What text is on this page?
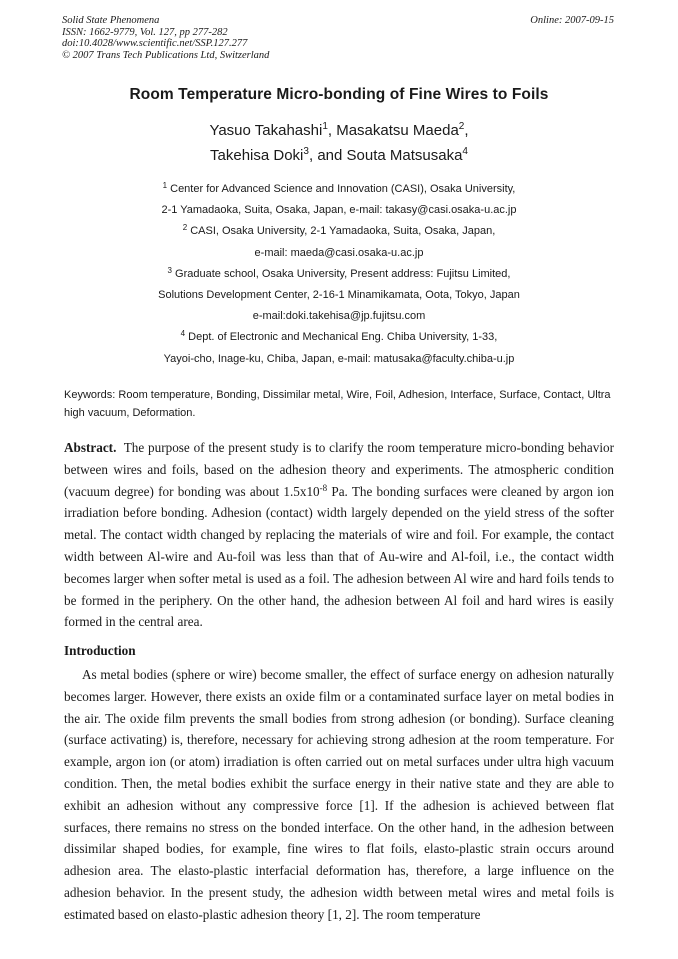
Solid State Phenomena
ISSN: 1662-9779, Vol. 127, pp 277-282
doi:10.4028/www.scientific.net/SSP.127.277
© 2007 Trans Tech Publications Ltd, Switzerland
Online: 2007-09-15
Room Temperature Micro-bonding of Fine Wires to Foils
Yasuo Takahashi$^1$, Masakatsu Maeda$^2$,
Takehisa Doki$^3$, and Souta Matsusaka$^4$
$^1$ Center for Advanced Science and Innovation (CASI), Osaka University,
2-1 Yamadaoka, Suita, Osaka, Japan, e-mail: takasy@casi.osaka-u.ac.jp
$^2$ CASI, Osaka University, 2-1 Yamadaoka, Suita, Osaka, Japan,
e-mail: maeda@casi.osaka-u.ac.jp
$^3$ Graduate school, Osaka University, Present address: Fujitsu Limited,
Solutions Development Center, 2-16-1 Minamikamata, Oota, Tokyo, Japan
e-mail:doki.takehisa@jp.fujitsu.com
$^4$ Dept. of Electronic and Mechanical Eng. Chiba University, 1-33,
Yayoi-cho, Inage-ku, Chiba, Japan, e-mail: matusaka@faculty.chiba-u.jp
Keywords: Room temperature, Bonding, Dissimilar metal, Wire, Foil, Adhesion, Interface, Surface, Contact, Ultra high vacuum, Deformation.
Abstract. The purpose of the present study is to clarify the room temperature micro-bonding behavior between wires and foils, based on the adhesion theory and experiments. The atmospheric condition (vacuum degree) for bonding was about $1.5x10^{-8}$ Pa. The bonding surfaces were cleaned by argon ion irradiation before bonding. Adhesion (contact) width largely depended on the yield stress of the softer metal. The contact width changed by replacing the materials of wire and foil. For example, the contact width between Al-wire and Au-foil was less than that of Au-wire and Al-foil, i.e., the contact width becomes larger when softer metal is used as a foil. The adhesion between Al wire and hard foils tends to be formed in the periphery. On the other hand, the adhesion between Al foil and hard wires is easily formed in the central area.
Introduction
As metal bodies (sphere or wire) become smaller, the effect of surface energy on adhesion naturally becomes larger. However, there exists an oxide film or a contaminated surface layer on metal bodies in the air. The oxide film prevents the small bodies from strong adhesion (or bonding). Surface cleaning (surface activating) is, therefore, necessary for achieving strong adhesion at the room temperature. For example, argon ion (or atom) irradiation is often carried out on metal surfaces under ultra high vacuum condition. Then, the metal bodies exhibit the surface energy in their native state and they are able to exhibit an adhesion without any compressive force [1]. If the adhesion is achieved between flat surfaces, there remains no stress on the bonded interface. On the other hand, in the adhesion between dissimilar shaped bodies, for example, fine wires to flat foils, elasto-plastic strain occurs around adhesion area. The elasto-plastic interfacial deformation has, therefore, a large influence on the adhesion behavior. In the present study, the adhesion width between metal wires and metal foils is estimated based on elasto-plastic adhesion theory [1, 2]. The room temperature
